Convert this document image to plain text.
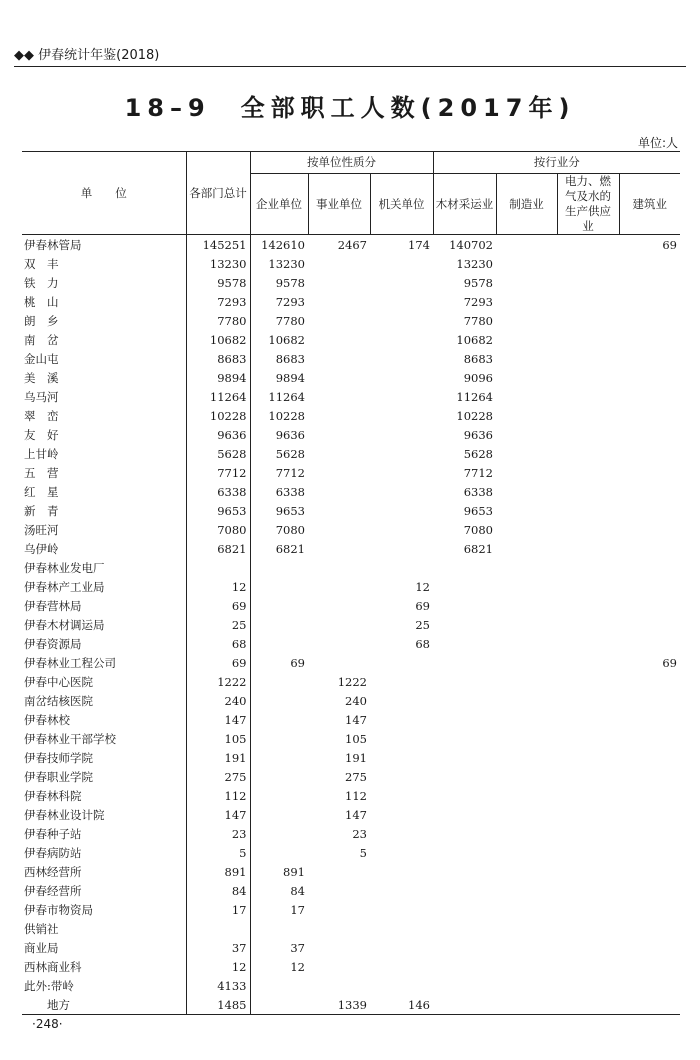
◆◆ 伊春统计年鉴(2018)
18–9　全部职工人数(2017年)
单位:人
单　　位	各部门总计	按单位性质分			按行业分			
		企业单位	事业单位	机关单位	木材采运业	制造业	电力、燃气及水的生产供应业	建筑业
伊春林管局	145251	142610	2467	174	140702			69
双　丰	13230	13230			13230			
铁　力	9578	9578			9578			
桃　山	7293	7293			7293			
朗　乡	7780	7780			7780			
南　岔	10682	10682			10682			
金山屯	8683	8683			8683			
美　溪	9894	9894			9096			
乌马河	11264	11264			11264			
翠　峦	10228	10228			10228			
友　好	9636	9636			9636			
上甘岭	5628	5628			5628			
五　营	7712	7712			7712			
红　星	6338	6338			6338			
新　青	9653	9653			9653			
汤旺河	7080	7080			7080			
乌伊岭	6821	6821			6821			
伊春林业发电厂								
伊春林产工业局	12			12				
伊春营林局	69			69				
伊春木材调运局	25			25				
伊春资源局	68			68				
伊春林业工程公司	69	69						69
伊春中心医院	1222		1222					
南岔结核医院	240		240					
伊春林校	147		147					
伊春林业干部学校	105		105					
伊春技师学院	191		191					
伊春职业学院	275		275					
伊春林科院	112		112					
伊春林业设计院	147		147					
伊春种子站	23		23					
伊春病防站	5		5					
西林经营所	891	891						
伊春经营所	84	84						
伊春市物资局	17	17						
供销社								
商业局	37	37						
西林商业科	12	12						
此外:带岭	4133							
　　地方	1485		1339	146				
·248·
